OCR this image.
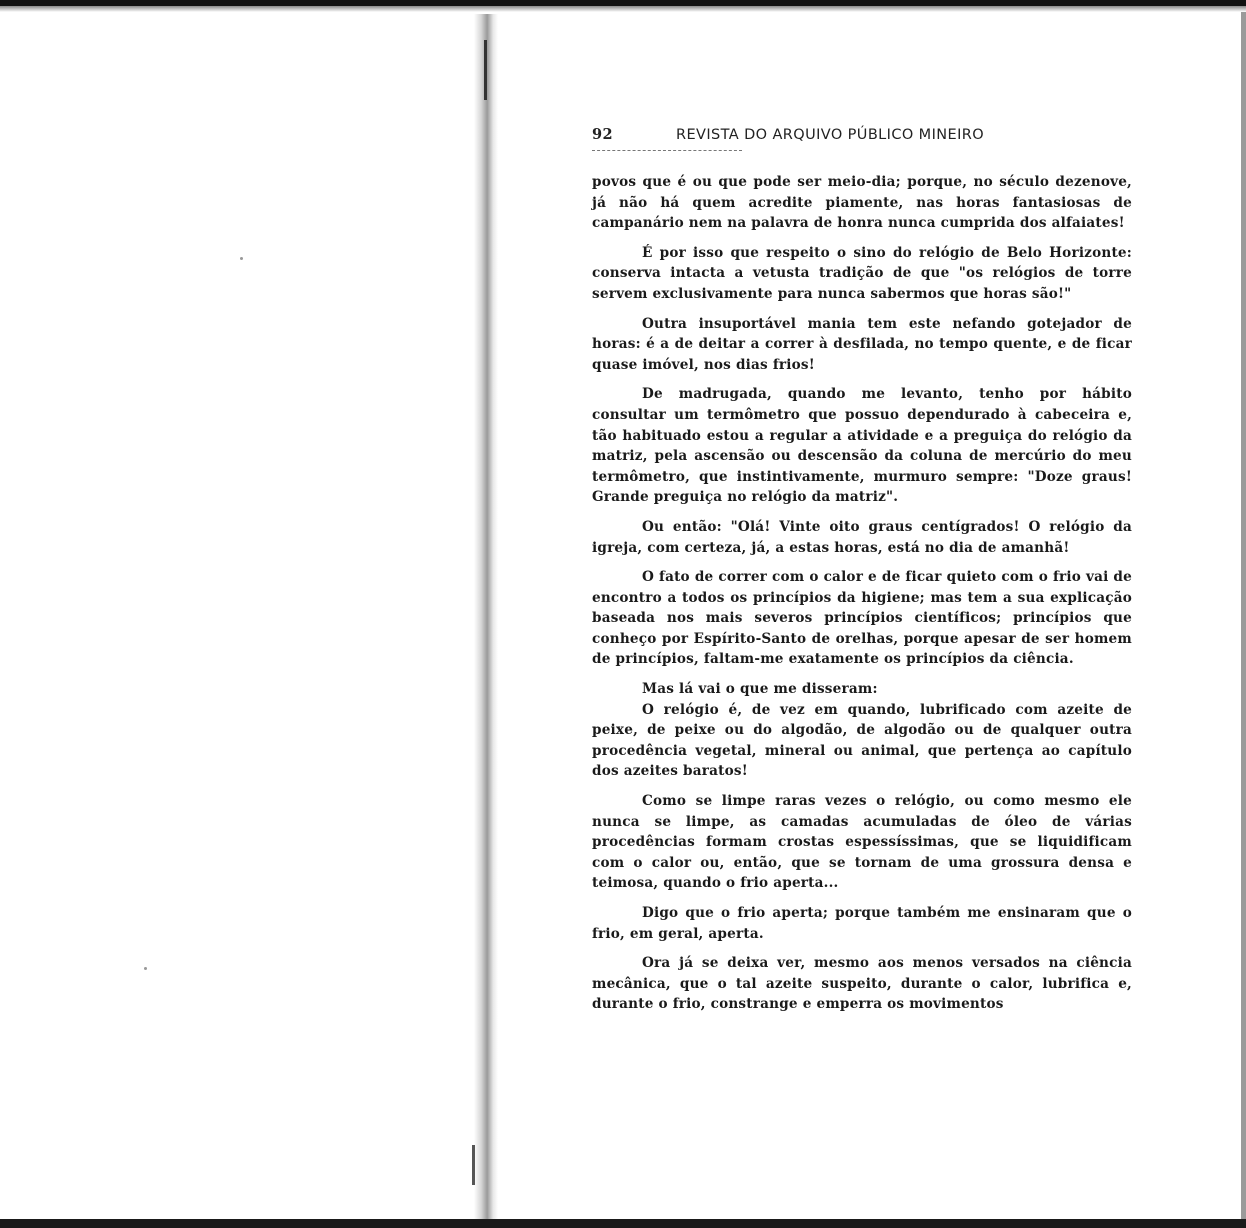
92	REVISTA DO ARQUIVO PÚBLICO MINEIRO

povos que é ou que pode ser meio-dia; porque, no século dezenove, já não há quem acredite piamente, nas horas fantasiosas de campanário nem na palavra de honra nunca cumprida dos alfaiates!

É por isso que respeito o sino do relógio de Belo Horizonte: conserva intacta a vetusta tradição de que "os relógios de torre servem exclusivamente para nunca sabermos que horas são!"

Outra insuportável mania tem este nefando gotejador de horas: é a de deitar a correr à desfilada, no tempo quente, e de ficar quase imóvel, nos dias frios!

De madrugada, quando me levanto, tenho por hábito consultar um termômetro que possuo dependurado à cabeceira e, tão habituado estou a regular a atividade e a preguiça do relógio da matriz, pela ascensão ou descensão da coluna de mercúrio do meu termômetro, que instintivamente, murmuro sempre: "Doze graus! Grande preguiça no relógio da matriz".

Ou então: "Olá! Vinte oito graus centígrados! O relógio da igreja, com certeza, já, a estas horas, está no dia de amanhã!

O fato de correr com o calor e de ficar quieto com o frio vai de encontro a todos os princípios da higiene; mas tem a sua explicação baseada nos mais severos princípios científicos; princípios que conheço por Espírito-Santo de orelhas, porque apesar de ser homem de princípios, faltam-me exatamente os princípios da ciência.

Mas lá vai o que me disseram:

O relógio é, de vez em quando, lubrificado com azeite de peixe, de peixe ou do algodão, de algodão ou de qualquer outra procedência vegetal, mineral ou animal, que pertença ao capítulo dos azeites baratos!

Como se limpe raras vezes o relógio, ou como mesmo ele nunca se limpe, as camadas acumuladas de óleo de várias procedências formam crostas espessíssimas, que se liquidificam com o calor ou, então, que se tornam de uma grossura densa e teimosa, quando o frio aperta...

Digo que o frio aperta; porque também me ensinaram que o frio, em geral, aperta.

Ora já se deixa ver, mesmo aos menos versados na ciência mecânica, que o tal azeite suspeito, durante o calor, lubrifica e, durante o frio, constrange e emperra os movimentos
